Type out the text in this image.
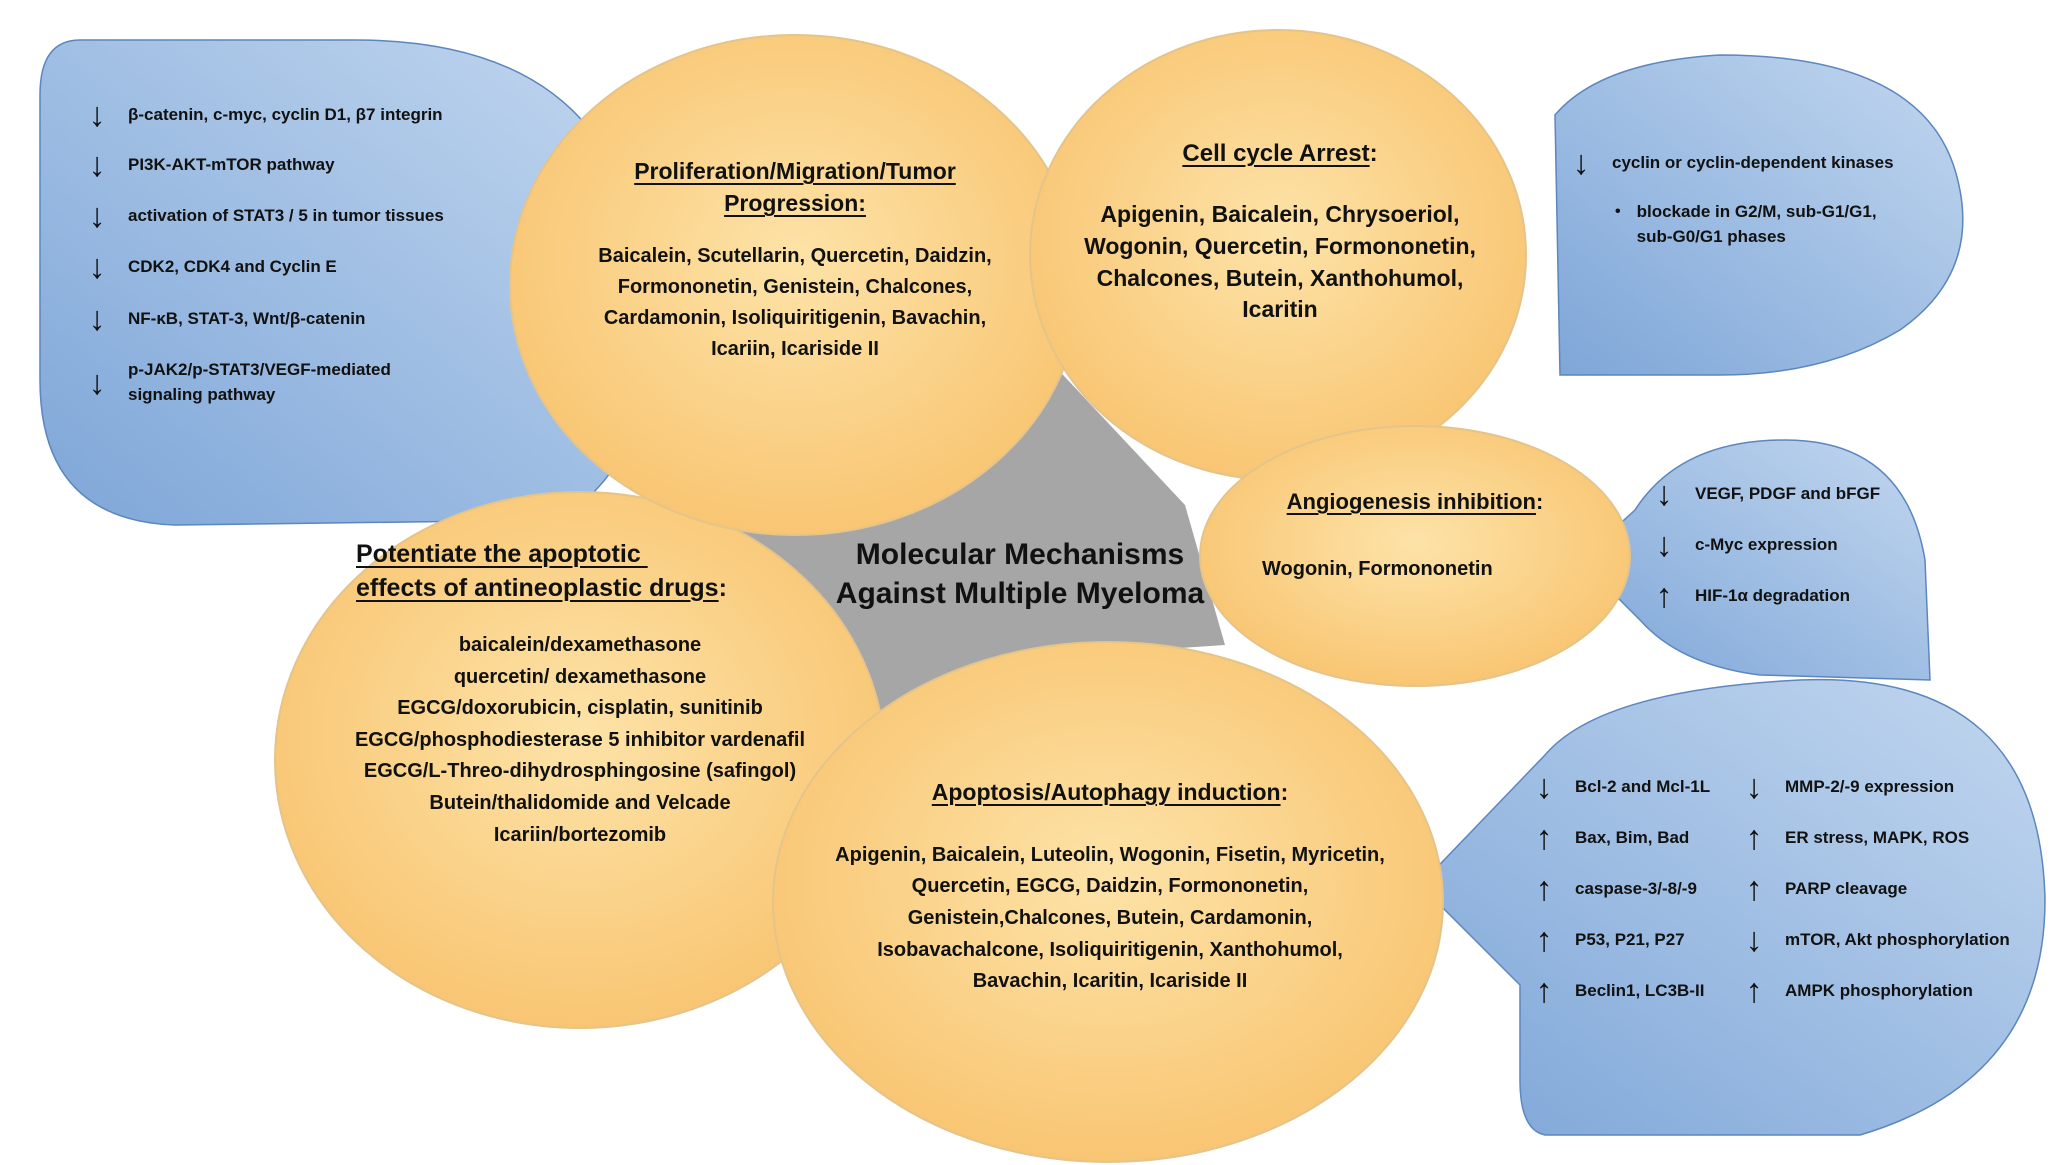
Molecular Mechanisms
Against Multiple Myeloma
Proliferation/Migration/Tumor
Progression:
Baicalein, Scutellarin, Quercetin, Daidzin,
Formononetin, Genistein, Chalcones,
Cardamonin, Isoliquiritigenin, Bavachin,
Icariin, Icariside II
↓ β-catenin, c-myc, cyclin D1, β7 integrin
↓ PI3K-AKT-mTOR pathway
↓ activation of STAT3 / 5 in tumor tissues
↓ CDK2, CDK4 and Cyclin E
↓ NF-κB, STAT-3, Wnt/β-catenin
↓ p-JAK2/p-STAT3/VEGF-mediated
signaling pathway
Cell cycle Arrest:
Apigenin, Baicalein, Chrysoeriol,
Wogonin, Quercetin, Formononetin,
Chalcones, Butein, Xanthohumol,
Icaritin
↓ cyclin or cyclin-dependent kinases
• blockade in G2/M, sub-G1/G1,
sub-G0/G1 phases
Angiogenesis inhibition:
Wogonin, Formononetin
↓ VEGF, PDGF and bFGF
↓ c-Myc expression
↑ HIF-1α degradation
Potentiate the apoptotic
effects of antineoplastic drugs:
baicalein/dexamethasone
quercetin/ dexamethasone
EGCG/doxorubicin, cisplatin, sunitinib
EGCG/phosphodiesterase 5 inhibitor vardenafil
EGCG/L-Threo-dihydrosphingosine (safingol)
Butein/thalidomide and Velcade
Icariin/bortezomib
Apoptosis/Autophagy induction:
Apigenin, Baicalein, Luteolin, Wogonin, Fisetin, Myricetin,
Quercetin, EGCG, Daidzin, Formononetin,
Genistein,Chalcones, Butein, Cardamonin,
Isobavachalcone, Isoliquiritigenin, Xanthohumol,
Bavachin, Icaritin, Icariside II
↓ Bcl-2 and Mcl-1L
↑ Bax, Bim, Bad
↑ caspase-3/-8/-9
↑ P53, P21, P27
↑ Beclin1, LC3B-II
↓ MMP-2/-9 expression
↑ ER stress, MAPK, ROS
↑ PARP cleavage
↓ mTOR, Akt phosphorylation
↑ AMPK phosphorylation
